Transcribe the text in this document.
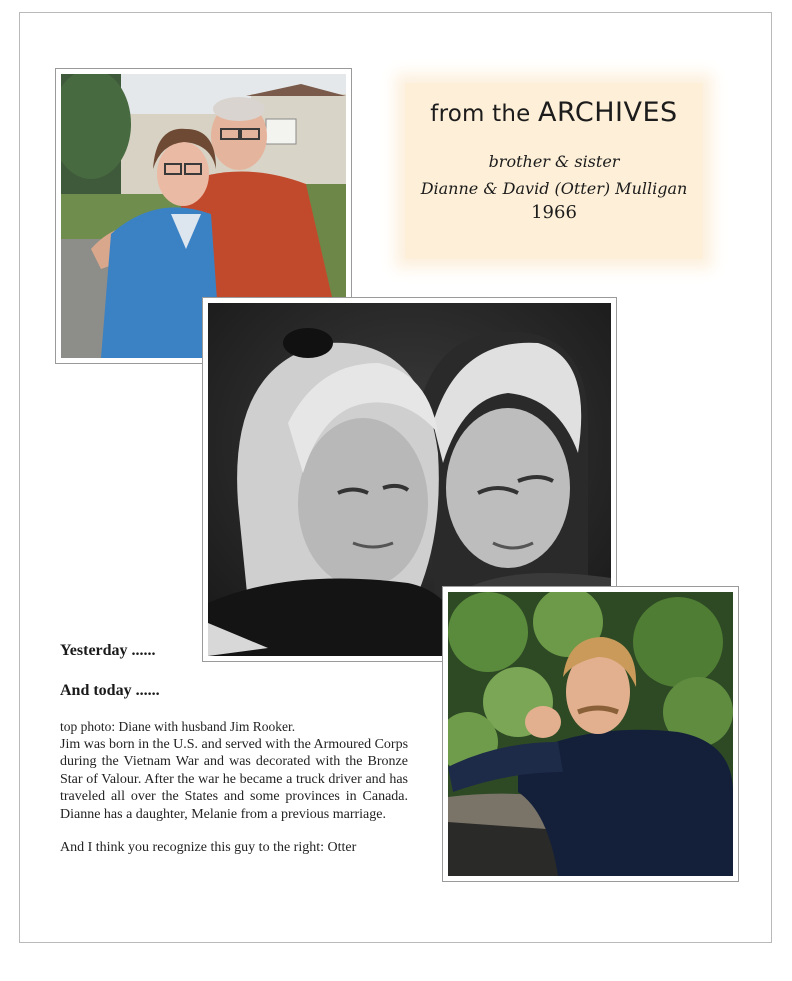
from the ARCHIVES
brother & sister
Dianne & David (Otter) Mulligan
1966
Yesterday ......
And today ......

top photo: Diane with husband Jim Rooker.
Jim was born in the U.S. and served with the Armoured Corps during the Vietnam War and was decorated with the Bronze Star of Valour. After the war he became a truck driver and has traveled all over the States and some provinces in Canada. Dianne has a daughter, Melanie from a previous marriage.

And I think you recognize this guy to the right: Otter
